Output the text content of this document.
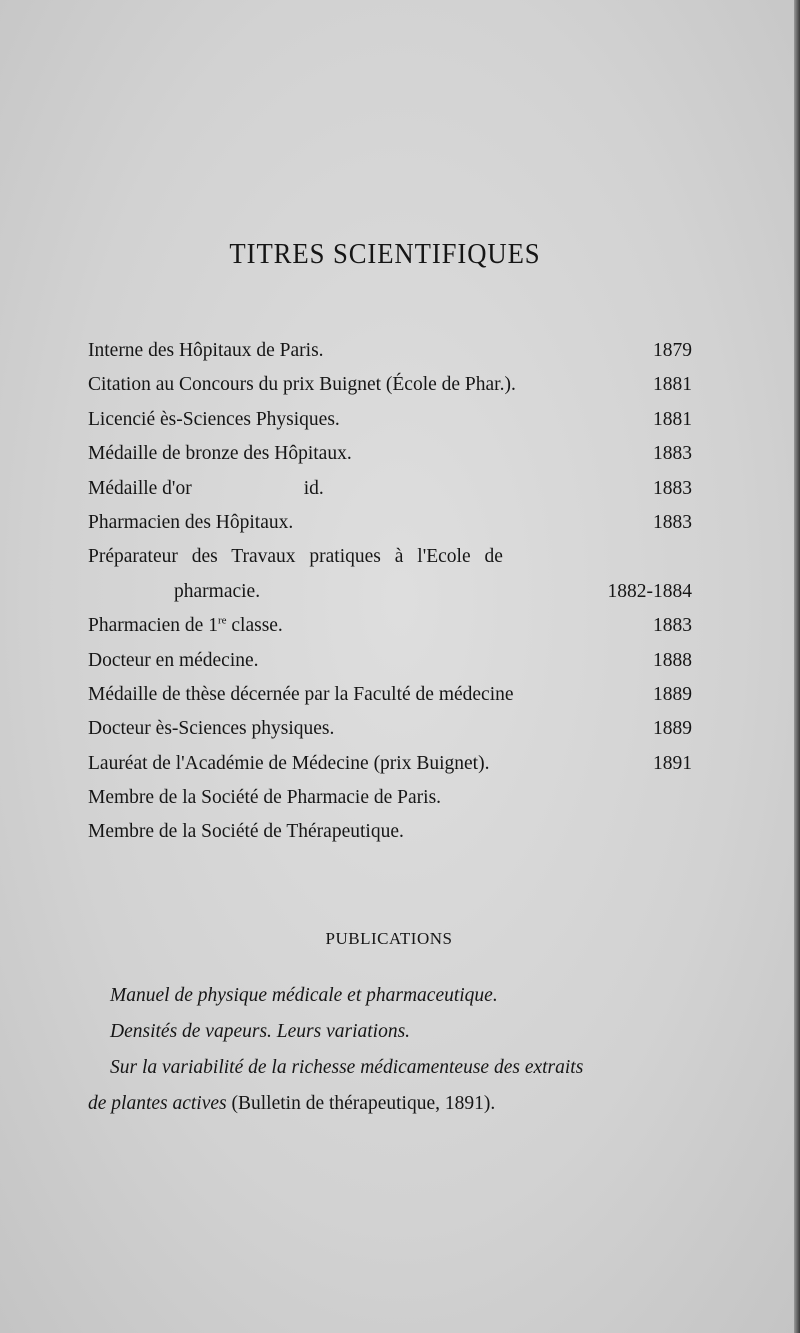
TITRES SCIENTIFIQUES
Interne des Hôpitaux de Paris.	1879
Citation au Concours du prix Buignet (École de Phar.).	1881
Licencié ès-Sciences Physiques.	1881
Médaille de bronze des Hôpitaux.	1883
Médaille d'or	id.	1883
Pharmacien des Hôpitaux.	1883
Préparateur des Travaux pratiques à l'Ecole de
pharmacie.	1882-1884
Pharmacien de 1re classe.	1883
Docteur en médecine.	1888
Médaille de thèse décernée par la Faculté de médecine	1889
Docteur ès-Sciences physiques.	1889
Lauréat de l'Académie de Médecine (prix Buignet).	1891
Membre de la Société de Pharmacie de Paris.
Membre de la Société de Thérapeutique.
PUBLICATIONS
Manuel de physique médicale et pharmaceutique.
Densités de vapeurs. Leurs variations.
Sur la variabilité de la richesse médicamenteuse des extraits
de plantes actives (Bulletin de thérapeutique, 1891).
